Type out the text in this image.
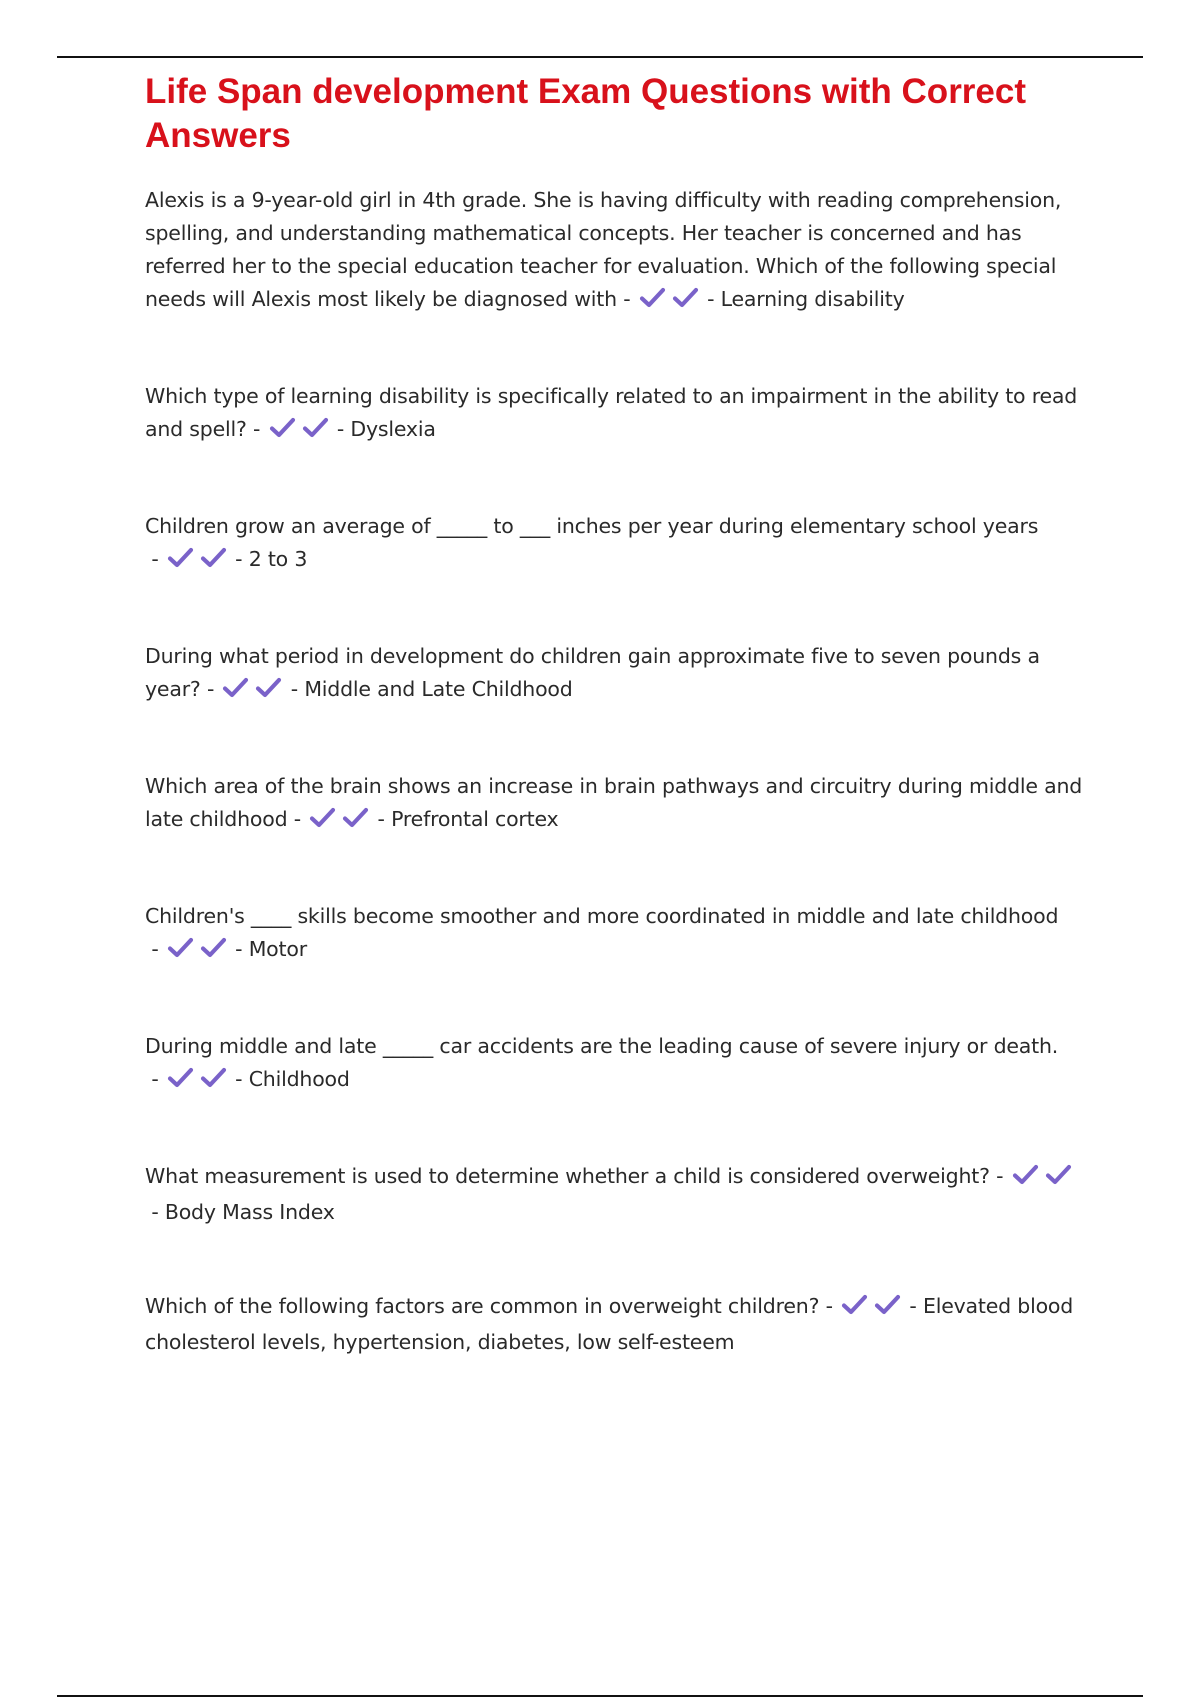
Life Span development Exam Questions with Correct Answers
Alexis is a 9-year-old girl in 4th grade. She is having difficulty with reading comprehension, spelling, and understanding mathematical concepts. Her teacher is concerned and has referred her to the special education teacher for evaluation. Which of the following special needs will Alexis most likely be diagnosed with -	- Learning disability
Which type of learning disability is specifically related to an impairment in the ability to read and spell? -	- Dyslexia
Children grow an average of _____ to ___ inches per year during elementary school years -	- 2 to 3
During what period in development do children gain approximate five to seven pounds a year? -	- Middle and Late Childhood
Which area of the brain shows an increase in brain pathways and circuitry during middle and late childhood -	- Prefrontal cortex
Children's ____ skills become smoother and more coordinated in middle and late childhood -	- Motor
During middle and late _____ car accidents are the leading cause of severe injury or death. -	- Childhood
What measurement is used to determine whether a child is considered overweight? -
- Body Mass Index
Which of the following factors are common in overweight children? -	- Elevated blood cholesterol levels, hypertension, diabetes, low self-esteem
